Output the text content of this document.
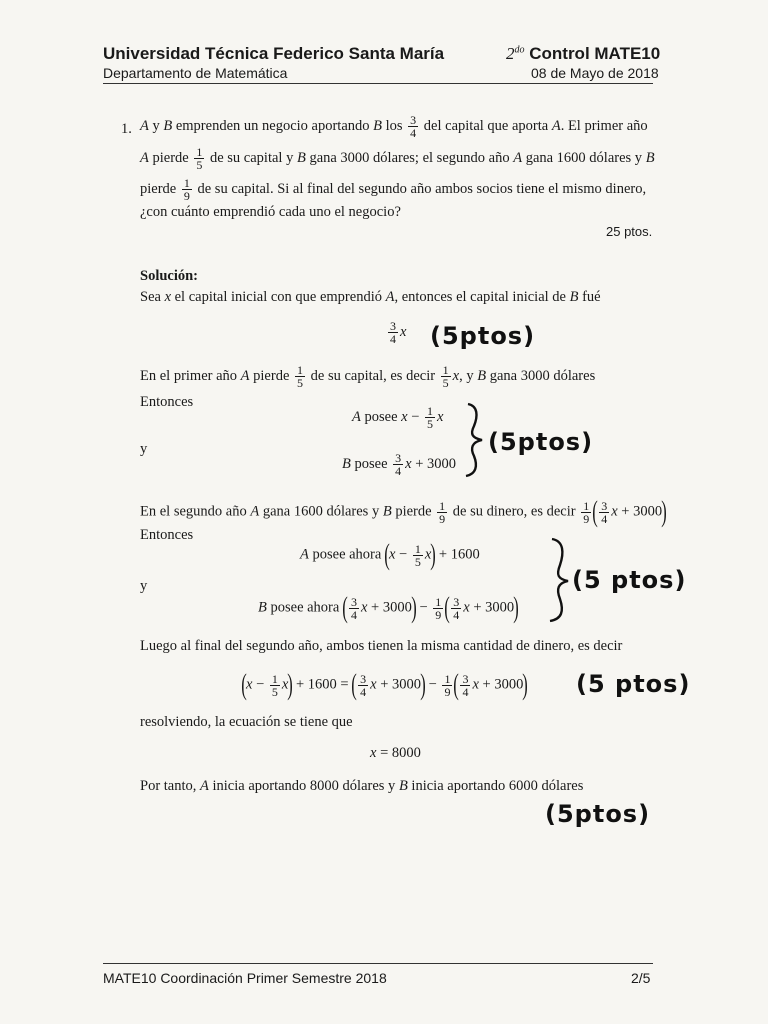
Universidad Técnica Federico Santa María
Departamento de Matemática
$2^{do}$ Control MATE10
08 de Mayo de 2018
1. A y B emprenden un negocio aportando B los $\frac{3}{4}$ del capital que aporta A. El primer año
A pierde $\frac{1}{5}$ de su capital y B gana 3000 dólares; el segundo año A gana 1600 dólares y B
pierde $\frac{1}{9}$ de su capital. Si al final del segundo año ambos socios tiene el mismo dinero,
¿con cuánto emprendió cada uno el negocio?
25 ptos.
Solución:
Sea x el capital inicial con que emprendió A, entonces el capital inicial de B fué
$\frac{3}{4}$ x (5ptos)
En el primer año A pierde $\frac{1}{5}$ de su capital, es decir $\frac{1}{5} x$, y B gana 3000 dólares
Entonces
A posee $x - \frac{1}{5}$ x
y
B posee $\frac{3}{4}$ x + 3000
(5ptos)
En el segundo año A gana 1600 dólares y B pierde $\frac{1}{9}$ de su dinero, es decir $\frac{1}{9}$ ( $\frac{3}{4}$ x + 3000)
Entonces
A posee ahora $(x - \frac{1}{5} x) + 1600$
y
B posee ahora ( $\frac{3}{4}$ $x + 3000) - \frac{1}{9}$ ( $\frac{3}{4}$ x + 3000)
(5 ptos)
Luego al final del segundo año, ambos tienen la misma cantidad de dinero, es decir
$(x - \frac{1}{5} x) + 1600$ = ( $\frac{3}{4}$ $x + 3000) - \frac{1}{9}$ ( $\frac{3}{4}$ x + 3000) (5 ptos)
resolviendo, la ecuación se tiene que
x = 8000
Por tanto, A inicia aportando 8000 dólares y B inicia aportando 6000 dólares
(5ptos)
MATE10 Coordinación Primer Semestre 2018	2/5
